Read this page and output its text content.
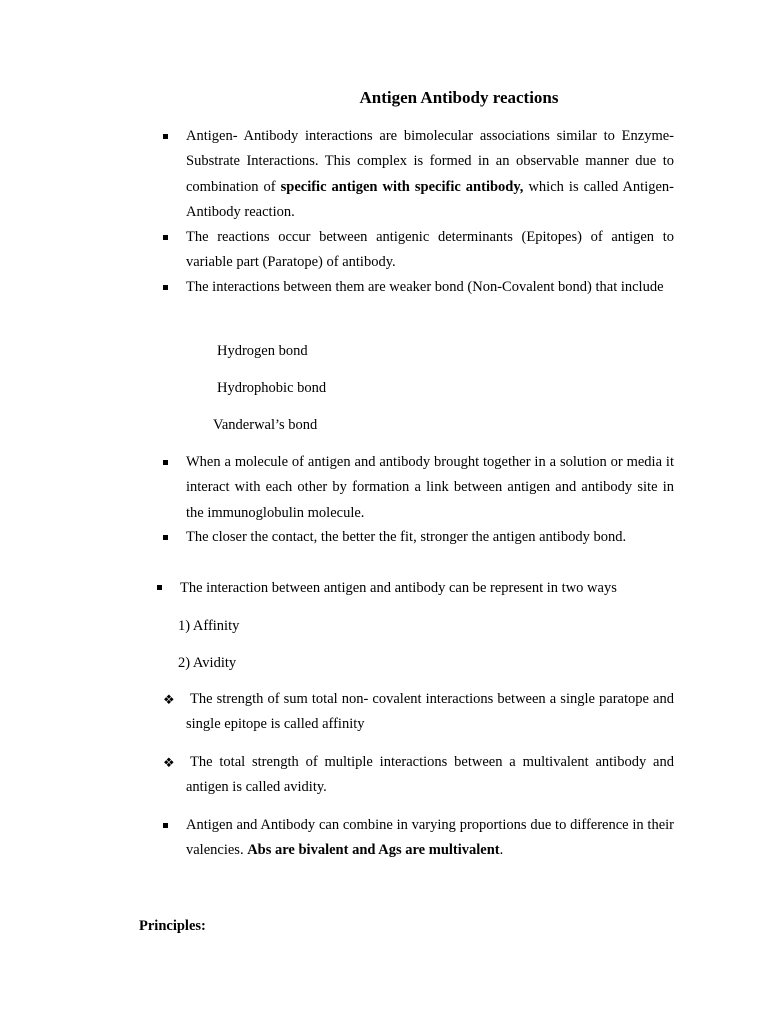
Antigen Antibody reactions
Antigen- Antibody interactions are bimolecular associations similar to Enzyme-Substrate Interactions. This complex is formed in an observable manner due to combination of specific antigen with specific antibody, which is called Antigen-Antibody reaction.
The reactions occur between antigenic determinants (Epitopes) of antigen to variable part (Paratope) of antibody.
The interactions between them are weaker bond (Non-Covalent bond) that include
Hydrogen bond
Hydrophobic bond
Vanderwal’s bond
When a molecule of antigen and antibody brought together in a solution or media it interact with each other by formation a link between antigen and antibody site in the immunoglobulin molecule.
The closer the contact, the better the fit, stronger the antigen antibody bond.
The interaction between antigen and antibody can be represent in two ways
1) Affinity
2) Avidity
❖ The strength of sum total non- covalent interactions between a single paratope and single epitope is called affinity
❖ The total strength of multiple interactions between a multivalent antibody and antigen is called avidity.
Antigen and Antibody can combine in varying proportions due to difference in their valencies. Abs are bivalent and Ags are multivalent.
Principles:
